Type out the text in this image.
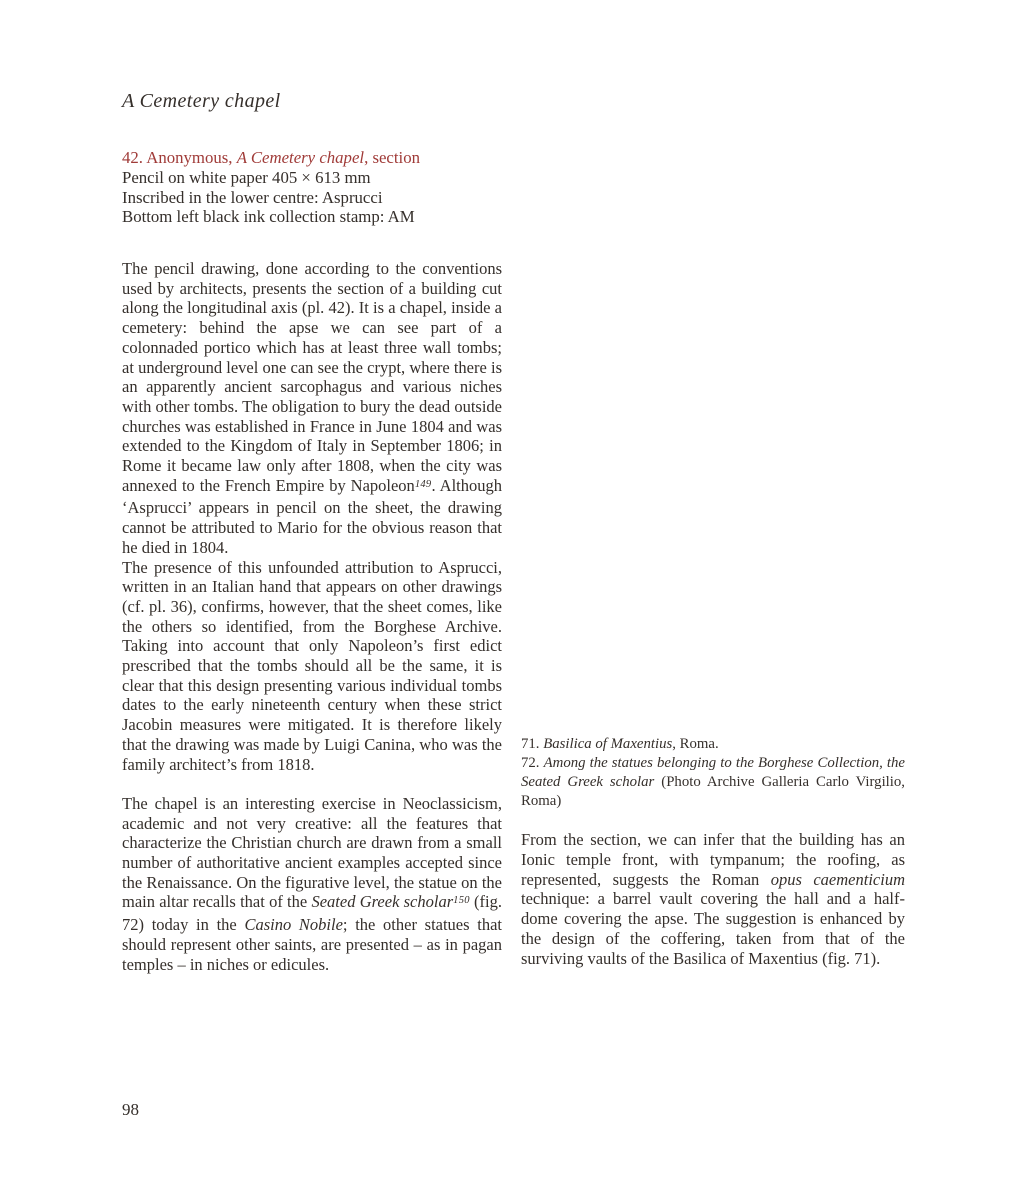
A Cemetery chapel

42. Anonymous, A Cemetery chapel, section

Pencil on white paper 405 × 613 mm

Inscribed in the lower centre: Asprucci

Bottom left black ink collection stamp: AM

The pencil drawing, done according to the conventions used by architects, presents the section of a building cut along the longitudinal axis (pl. 42). It is a chapel, inside a cemetery: behind the apse we can see part of a colonnaded portico which has at least three wall tombs; at underground level one can see the crypt, where there is an apparently ancient sarcophagus and various niches with other tombs. The obligation to bury the dead outside churches was established in France in June 1804 and was extended to the Kingdom of Italy in September 1806; in Rome it became law only after 1808, when the city was annexed to the French Empire by Napoleon$^{149}$. Although ‘Asprucci’ appears in pencil on the sheet, the drawing cannot be attributed to Mario for the obvious reason that he died in 1804.

The presence of this unfounded attribution to Asprucci, written in an Italian hand that appears on other drawings (cf. pl. 36), confirms, however, that the sheet comes, like the others so identified, from the Borghese Archive. Taking into account that only Napoleon’s first edict prescribed that the tombs should all be the same, it is clear that this design presenting various individual tombs dates to the early nineteenth century when these strict Jacobin measures were mitigated. It is therefore likely that the drawing was made by Luigi Canina, who was the family architect’s from 1818.

The chapel is an interesting exercise in Neoclassicism, academic and not very creative: all the features that characterize the Christian church are drawn from a small number of authoritative ancient examples accepted since the Renaissance. On the figurative level, the statue on the main altar recalls that of the Seated Greek scholar$^{150}$ (fig. 72) today in the Casino Nobile; the other statues that should represent other saints, are presented – as in pagan temples – in niches or edicules.

71. Basilica of Maxentius, Roma.

72. Among the statues belonging to the Borghese Collection, the Seated Greek scholar (Photo Archive Galleria Carlo Virgilio, Roma)

From the section, we can infer that the building has an Ionic temple front, with tympanum; the roofing, as represented, suggests the Roman opus caementicium technique: a barrel vault covering the hall and a half-dome covering the apse. The suggestion is enhanced by the design of the coffering, taken from that of the surviving vaults of the Basilica of Maxentius (fig. 71).

98
